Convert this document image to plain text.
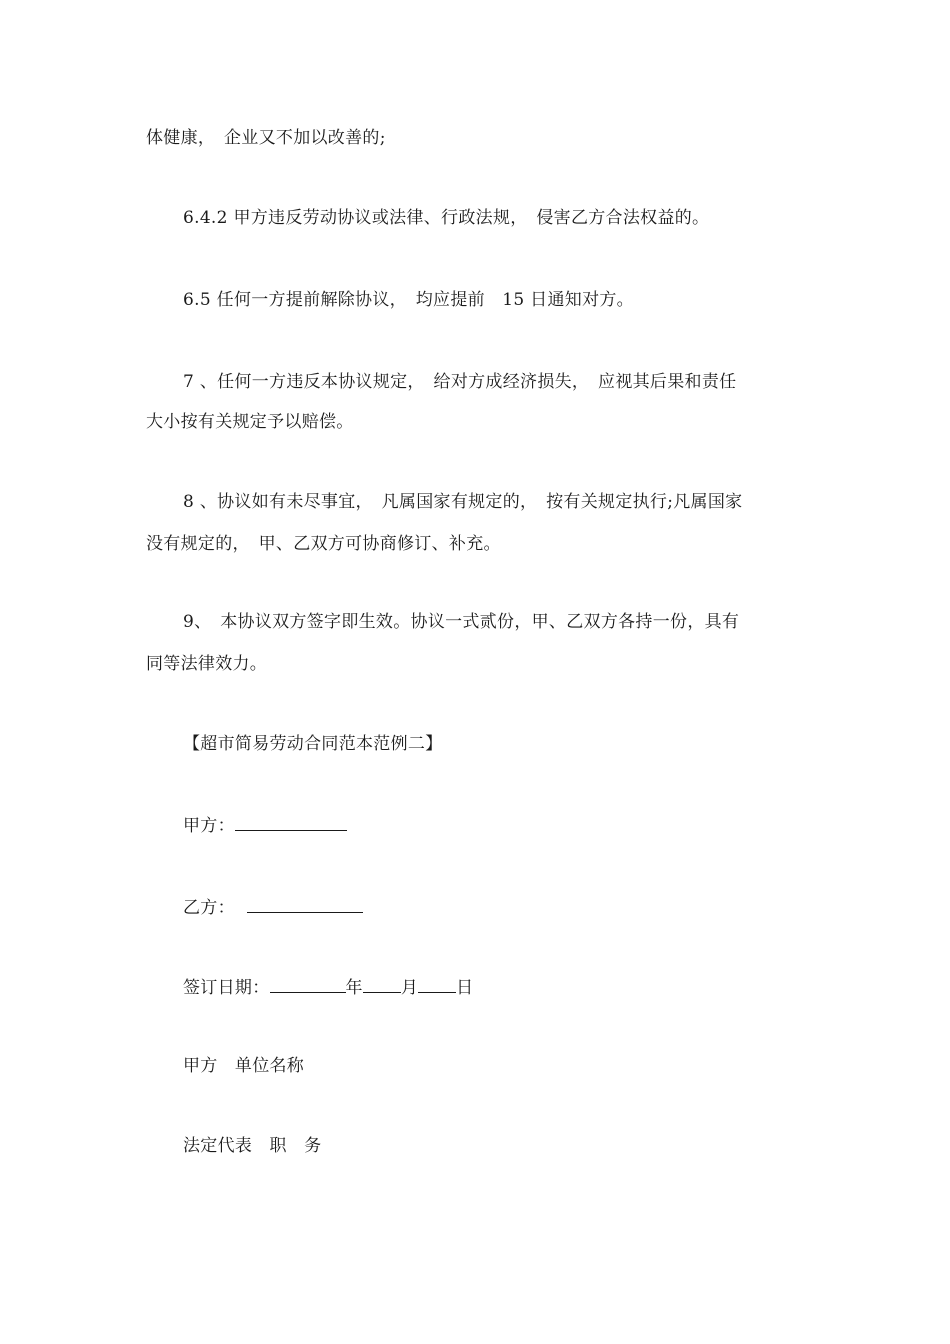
体健康，　企业又不加以改善的;
6.4.2 甲方违反劳动协议或法律、行政法规，　侵害乙方合法权益的。
6.5 任何一方提前解除协议，　均应提前　15 日通知对方。
7 、任何一方违反本协议规定，　给对方成经济损失，　应视其后果和责任
大小按有关规定予以赔偿。
8 、协议如有未尽事宜，　凡属国家有规定的，　按有关规定执行;凡属国家
没有规定的，　甲、乙双方可协商修订、补充。
9、　本协议双方签字即生效。协议一式贰份，甲、乙双方各持一份，具有
同等法律效力。
【超市简易劳动合同范本范例二】
甲方：
乙方：
签订日期：	年 月 日
甲方　单位名称
法定代表　职　务
